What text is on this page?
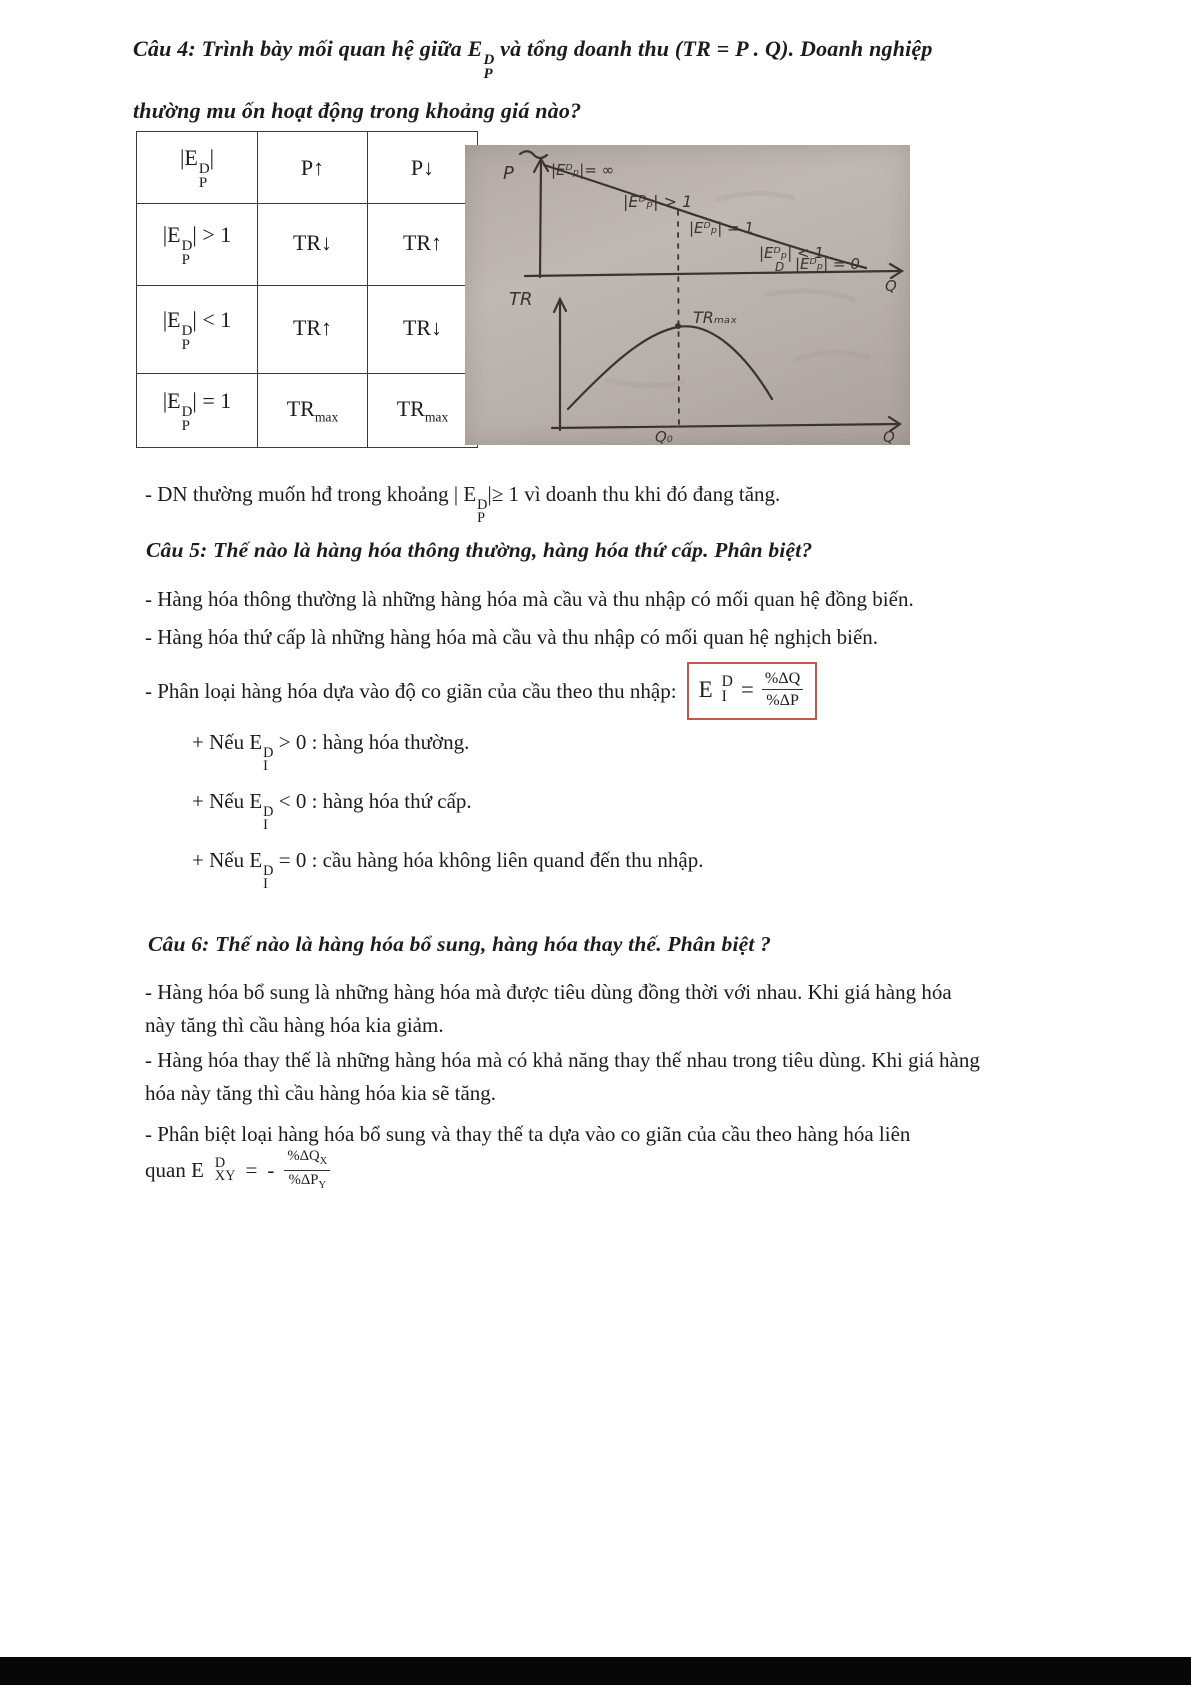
Câu 4: Trình bày mối quan hệ giữa E D
P
và tổng doanh thu (TR = P . Q). Doanh nghiệp
thường mu ốn hoạt động trong khoảng giá nào?
|E D
P
|	P↑	P↓
|E D
P
| > 1	TR↓	TR↑
|E D
P
| < 1	TR↑	TR↓
|E D
P
| = 1	$TR_{max}$	$TR_{max}$
P |Eᴰₚ|= ∞
|Eᴰₚ| > 1
|Eᴰₚ| = 1
|Eᴰₚ| < 1
D |Eᴰₚ| = 0
Q
TR
TRₘₐₓ
Q₀	Q
- DN thường muốn hđ trong khoảng | E D
P
|≥ 1 vì doanh thu khi đó đang tăng.
Câu 5: Thế nào là hàng hóa thông thường, hàng hóa thứ cấp. Phân biệt?
- Hàng hóa thông thường là những hàng hóa mà cầu và thu nhập có mối quan hệ đồng biến.
- Hàng hóa thứ cấp là những hàng hóa mà cầu và thu nhập có mối quan hệ nghịch biến.
- Phân loại hàng hóa dựa vào độ co giãn của cầu theo thu nhập: E D
$I = \frac{\%\Delta Q}{\%\Delta P}$
+ Nếu E D
I
> 0 : hàng hóa thường.
+ Nếu E D
I
< 0 : hàng hóa thứ cấp.
+ Nếu E D
I
= 0 : cầu hàng hóa không liên quand đến thu nhập.
Câu 6: Thế nào là hàng hóa bổ sung, hàng hóa thay thế. Phân biệt ?
- Hàng hóa bổ sung là những hàng hóa mà được tiêu dùng đồng thời với nhau. Khi giá hàng hóa này tăng thì cầu hàng hóa kia giảm.
- Hàng hóa thay thế là những hàng hóa mà có khả năng thay thế nhau trong tiêu dùng. Khi giá hàng hóa này tăng thì cầu hàng hóa kia sẽ tăng.
- Phân biệt loại hàng hóa bổ sung và thay thế ta dựa vào co giãn của cầu theo hàng hóa liên
quan E D
XY = - $\frac{\%\Delta Q_X}{\%\Delta P_Y}$
